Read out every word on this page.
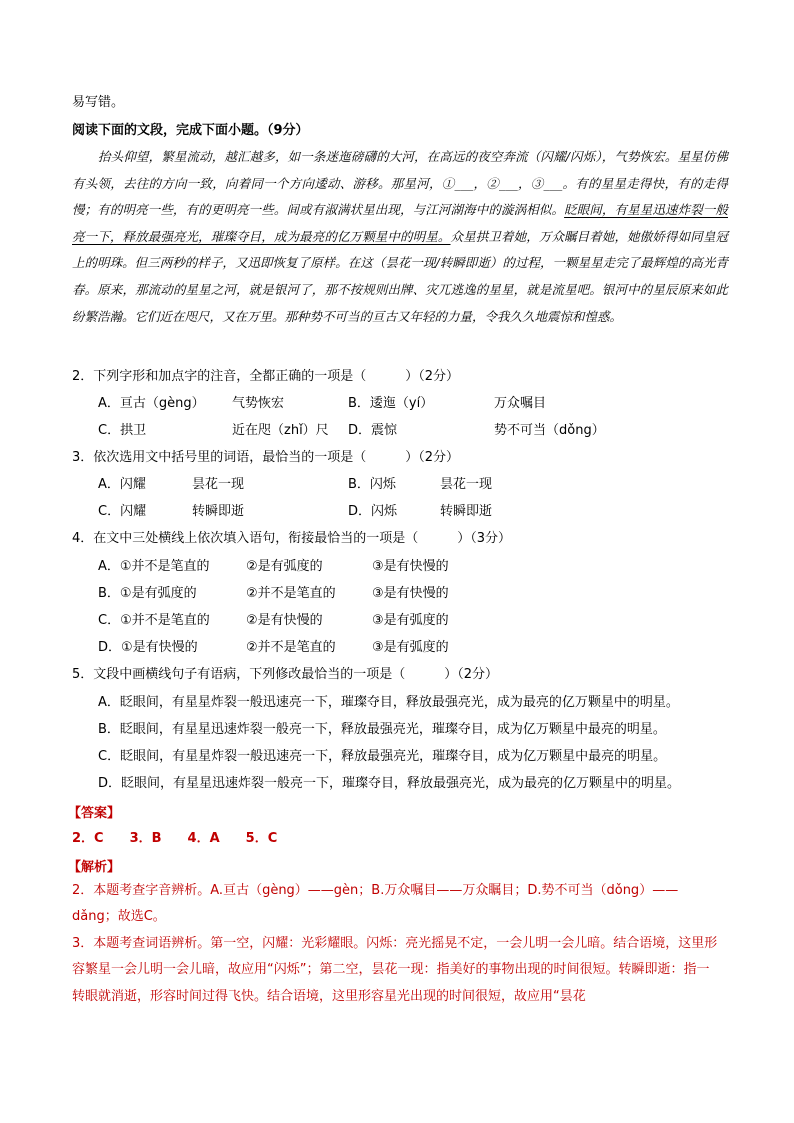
易写错。
阅读下面的文段，完成下面小题。（9分）

抬头仰望，繁星流动，越汇越多，如一条迷迤磅礴的大河，在高远的夜空奔流（闪耀/闪烁），气势恢宏。星星仿佛有头领，去往的方向一致，向着同一个方向逶动、游移。那星河，①___，②___，③___。有的星星走得快，有的走得慢；有的明亮一些，有的更明亮一些。间或有淑满状星出现，与江河湖海中的漩涡相似。眨眼间，有星星迅速炸裂一般亮一下，释放最强亮光，璀璨夺目，成为最亮的亿万颗星中的明星。众星拱卫着她，万众瞩目着她，她傲娇得如同皇冠上的明珠。但三两秒的样子，又迅即恢复了原样。在这（昙花一现/转瞬即逝）的过程，一颗星星走完了最辉煌的高光青春。原来，那流动的星星之河，就是银河了，那不按规则出牌、灾兀逃逸的星星，就是流星吧。银河中的星辰原来如此纷繁浩瀚。它们近在咫尺，又在万里。那种势不可当的亘古又年轻的力量，令我久久地震惊和惶惑。

2．下列字形和加点字的注音，全都正确的一项是（　　　）（2分）
A．亘古（gèng） 气势恢宏	B．逶迤（yí）	万众嘱目
C．拱卫	近在咫（zhǐ）尺 D．震惊	势不可当（dǒng）
3．依次选用文中括号里的词语，最恰当的一项是（　　　）（2分）
A．闪耀	昙花一现	B．闪烁	昙花一现
C．闪耀	转瞬即逝	D．闪烁	转瞬即逝
4．在文中三处横线上依次填入语句，衔接最恰当的一项是（　　　）（3分）
A．①并不是笔直的	②是有弧度的	③是有快慢的
B．①是有弧度的	②并不是笔直的	③是有快慢的
C．①并不是笔直的	②是有快慢的	③是有弧度的
D．①是有快慢的	②并不是笔直的	③是有弧度的
5．文段中画横线句子有语病，下列修改最恰当的一项是（　　　）（2分）
A．眨眼间，有星星炸裂一般迅速亮一下，璀璨夺目，释放最强亮光，成为最亮的亿万颗星中的明星。
B．眨眼间，有星星迅速炸裂一般亮一下，释放最强亮光，璀璨夺目，成为亿万颗星中最亮的明星。
C．眨眼间，有星星炸裂一般迅速亮一下，释放最强亮光，璀璨夺目，成为亿万颗星中最亮的明星。
D．眨眼间，有星星迅速炸裂一般亮一下，璀璨夺目，释放最强亮光，成为最亮的亿万颗星中的明星。
【答案】
2．C　　3．B　　4．A　　5．C
【解析】

2．本题考查字音辨析。A.亘古（gèng）——gèn；B.万众嘱目——万众瞩目；D.势不可当（dǒng）——dǎng；故选C。

3．本题考查词语辨析。第一空，闪耀：光彩耀眼。闪烁：亮光摇晃不定，一会儿明一会儿暗。结合语境，这里形容繁星一会儿明一会儿暗，故应用“闪烁”；第二空，昙花一现：指美好的事物出现的时间很短。转瞬即逝：指一转眼就消逝，形容时间过得飞快。结合语境，这里形容星光出现的时间很短，故应用“昙花
